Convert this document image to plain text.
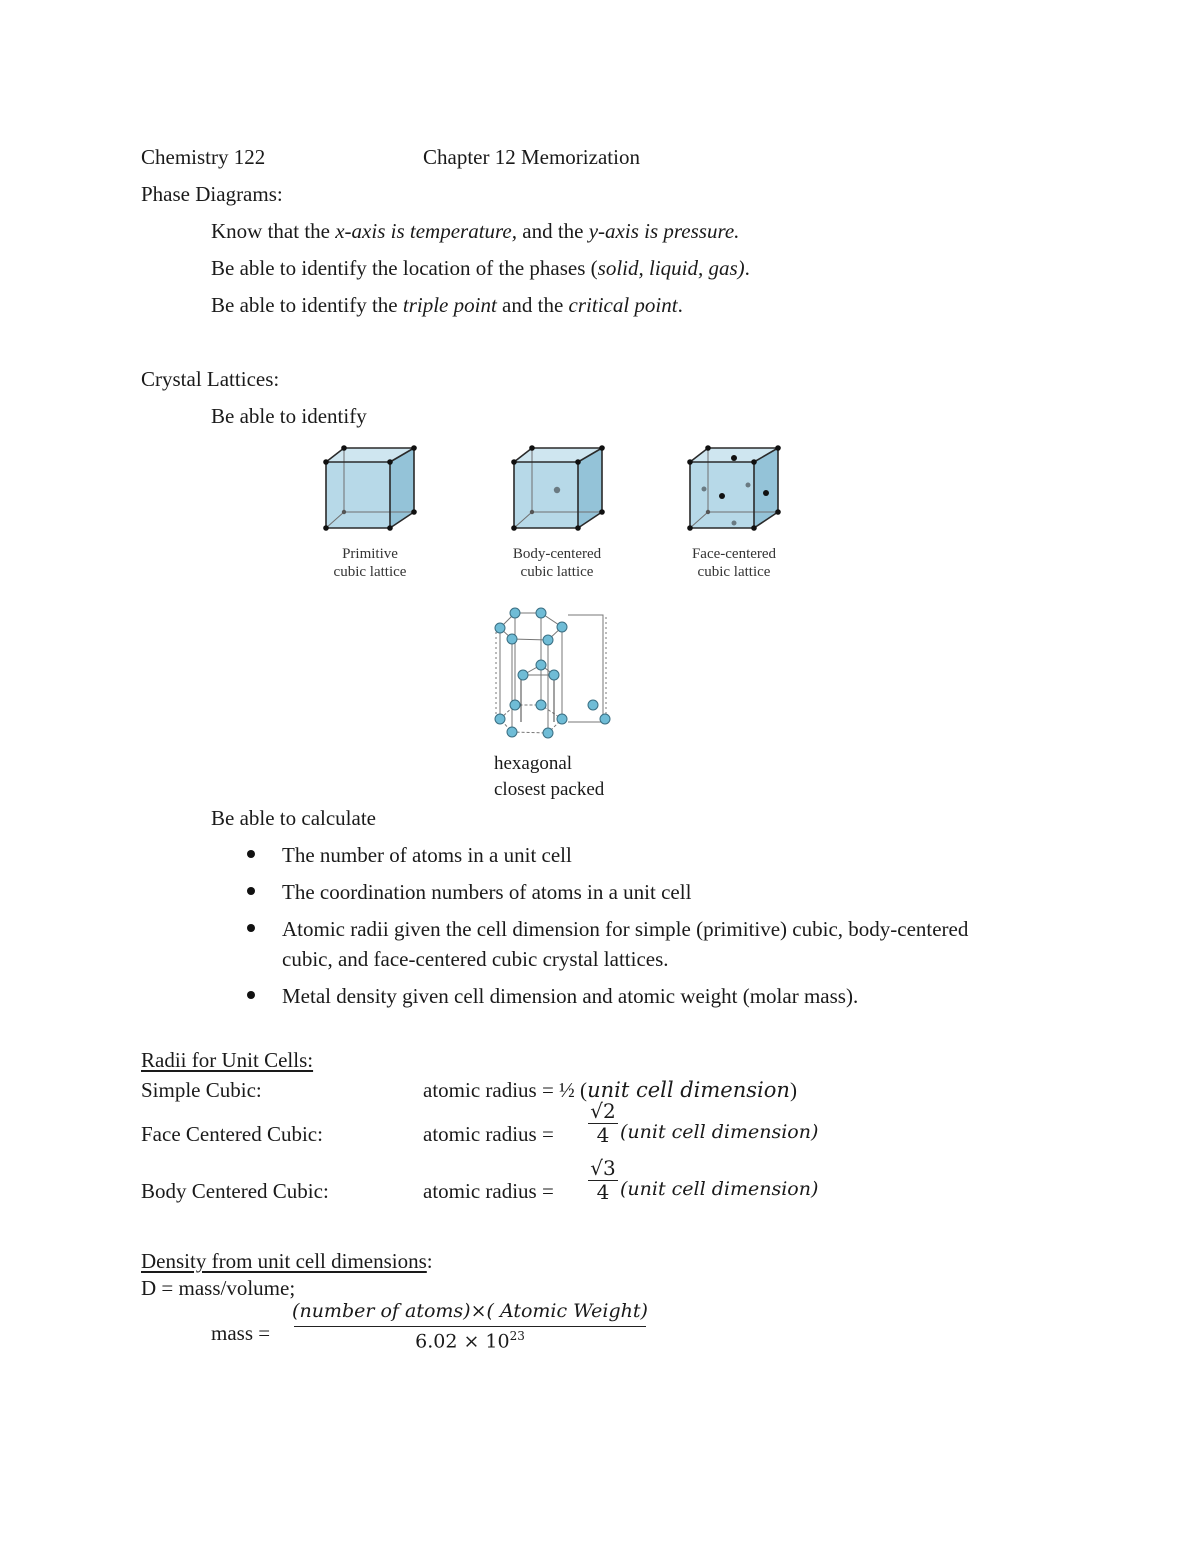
Chemistry 122	Chapter 12 Memorization
Phase Diagrams:
Know that the x-axis is temperature, and the y-axis is pressure.
Be able to identify the location of the phases (solid, liquid, gas).
Be able to identify the triple point and the critical point.
Crystal Lattices:
Be able to identify
Primitive
cubic lattice
Body-centered
cubic lattice
Face-centered
cubic lattice
hexagonal
closest packed
Be able to calculate
The number of atoms in a unit cell
The coordination numbers of atoms in a unit cell
Atomic radii given the cell dimension for simple (primitive) cubic, body-centered
cubic, and face-centered cubic crystal lattices.
Metal density given cell dimension and atomic weight (molar mass).
Radii for Unit Cells:
Simple Cubic:	atomic radius = ½ (unit cell dimension)
Face Centered Cubic:	atomic radius =
√2
4 (unit cell dimension)
Body Centered Cubic:	atomic radius =
√3
4 (unit cell dimension)
Density from unit cell dimensions:
D = mass/volume;
mass =
(number of atoms)×( Atomic Weight)
$6.02 \times 10^{23}$
